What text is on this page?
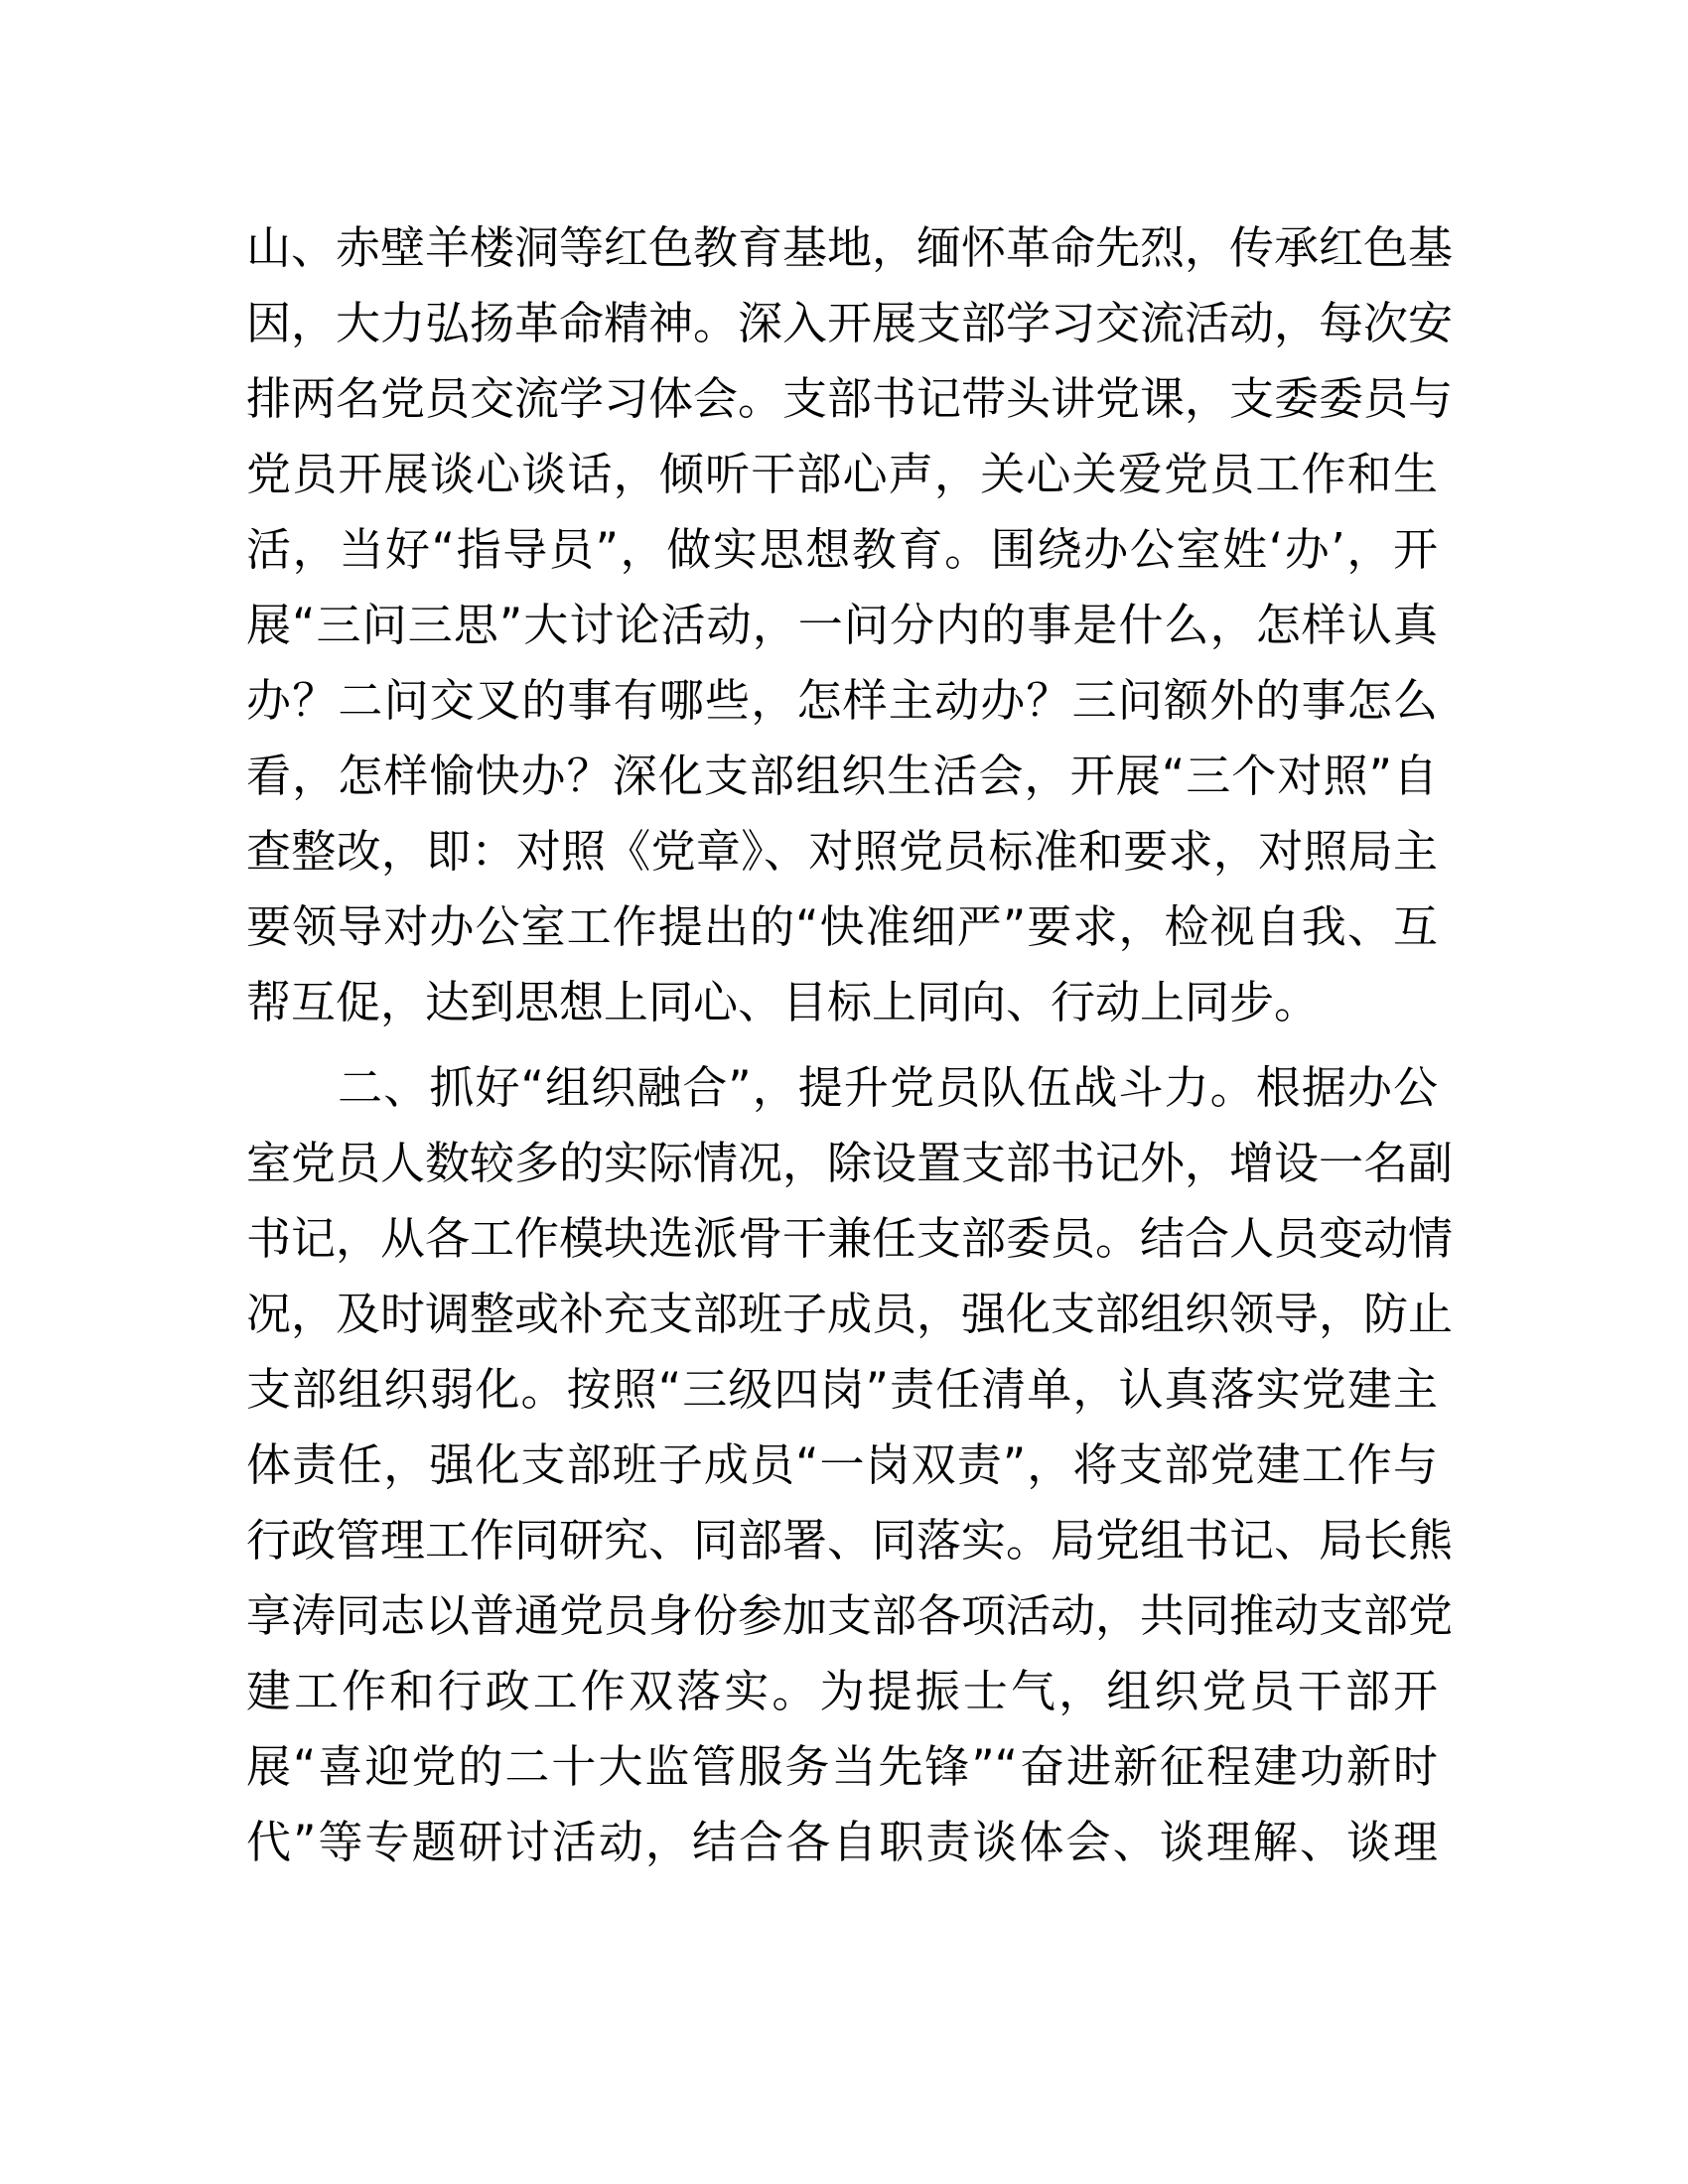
山、赤壁羊楼洞等红色教育基地，缅怀革命先烈，传承红色基
因，大力弘扬革命精神。深入开展支部学习交流活动，每次安
排两名党员交流学习体会。支部书记带头讲党课，支委委员与
党员开展谈心谈话，倾听干部心声，关心关爱党员工作和生
活，当好“指导员”，做实思想教育。围绕办公室姓‘办’，开
展“三问三思”大讨论活动，一问分内的事是什么，怎样认真
办？二问交叉的事有哪些，怎样主动办？三问额外的事怎么
看，怎样愉快办？深化支部组织生活会，开展“三个对照”自
查整改，即：对照《党章》、对照党员标准和要求，对照局主
要领导对办公室工作提出的“快准细严”要求，检视自我、互
帮互促，达到思想上同心、目标上同向、行动上同步。
　　二、抓好“组织融合”，提升党员队伍战斗力。根据办公
室党员人数较多的实际情况，除设置支部书记外，增设一名副
书记，从各工作模块选派骨干兼任支部委员。结合人员变动情
况，及时调整或补充支部班子成员，强化支部组织领导，防止
支部组织弱化。按照“三级四岗”责任清单，认真落实党建主
体责任，强化支部班子成员“一岗双责”，将支部党建工作与
行政管理工作同研究、同部署、同落实。局党组书记、局长熊
享涛同志以普通党员身份参加支部各项活动，共同推动支部党
建工作和行政工作双落实。为提振士气，组织党员干部开
展“喜迎党的二十大监管服务当先锋”“奋进新征程建功新时
代”等专题研讨活动，结合各自职责谈体会、谈理解、谈理
